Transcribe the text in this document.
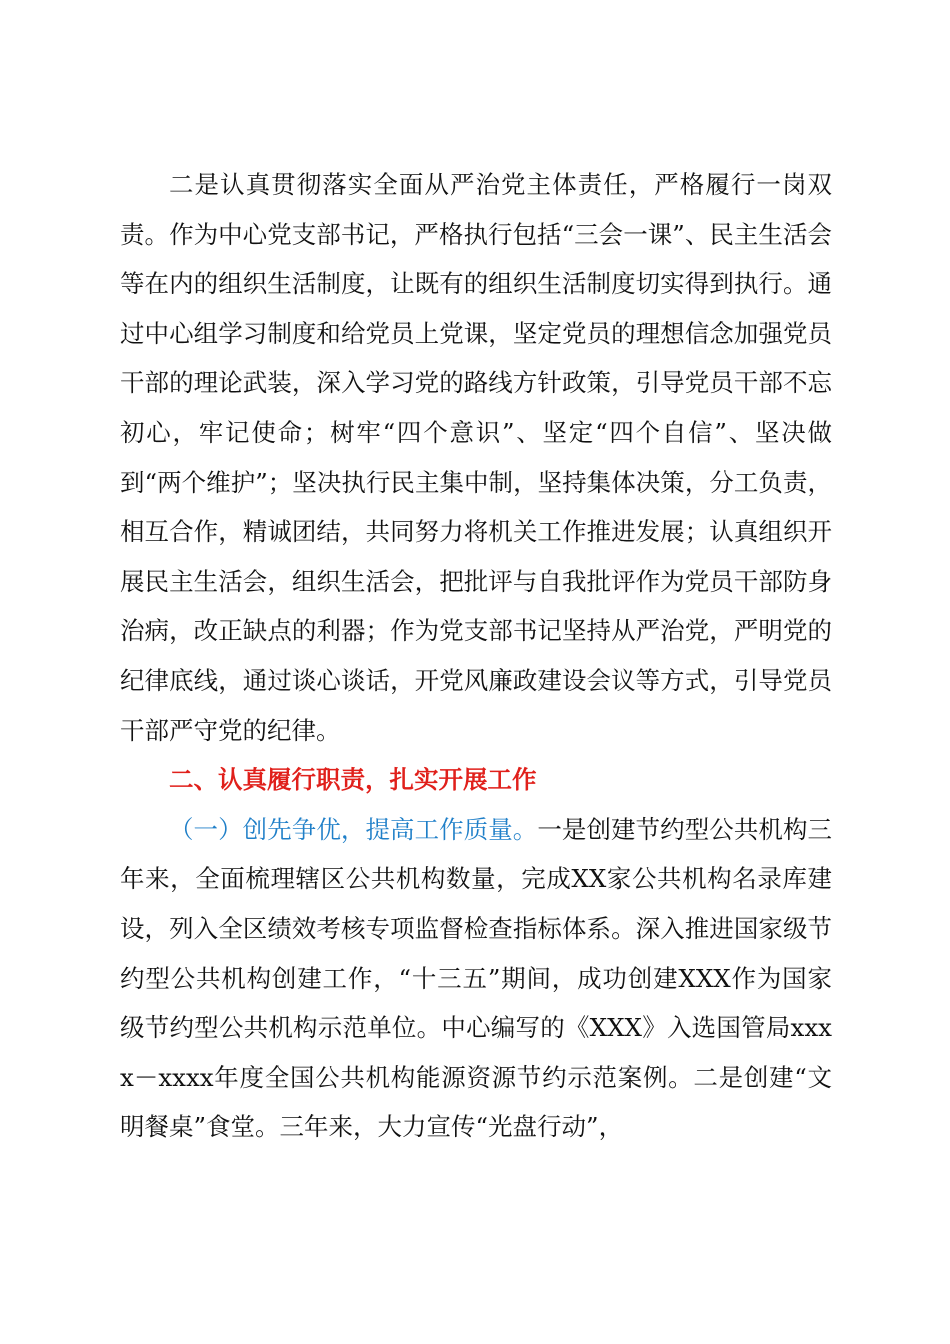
二是认真贯彻落实全面从严治党主体责任，严格履行一岗双责。作为中心党支部书记，严格执行包括“三会一课”、民主生活会等在内的组织生活制度，让既有的组织生活制度切实得到执行。通过中心组学习制度和给党员上党课，坚定党员的理想信念加强党员干部的理论武装，深入学习党的路线方针政策，引导党员干部不忘初心，牢记使命；树牢“四个意识”、坚定“四个自信”、坚决做到“两个维护”；坚决执行民主集中制，坚持集体决策，分工负责，相互合作，精诚团结，共同努力将机关工作推进发展；认真组织开展民主生活会，组织生活会，把批评与自我批评作为党员干部防身治病，改正缺点的利器；作为党支部书记坚持从严治党，严明党的纪律底线，通过谈心谈话，开党风廉政建设会议等方式，引导党员干部严守党的纪律。

二、认真履行职责，扎实开展工作

（一）创先争优，提高工作质量。一是创建节约型公共机构三年来，全面梳理辖区公共机构数量，完成XX家公共机构名录库建设，列入全区绩效考核专项监督检查指标体系。深入推进国家级节约型公共机构创建工作，“十三五”期间，成功创建XXX作为国家级节约型公共机构示范单位。中心编写的《XXX》入选国管局xxxx－xxxx年度全国公共机构能源资源节约示范案例。二是创建“文明餐桌”食堂。三年来，大力宣传“光盘行动”，
